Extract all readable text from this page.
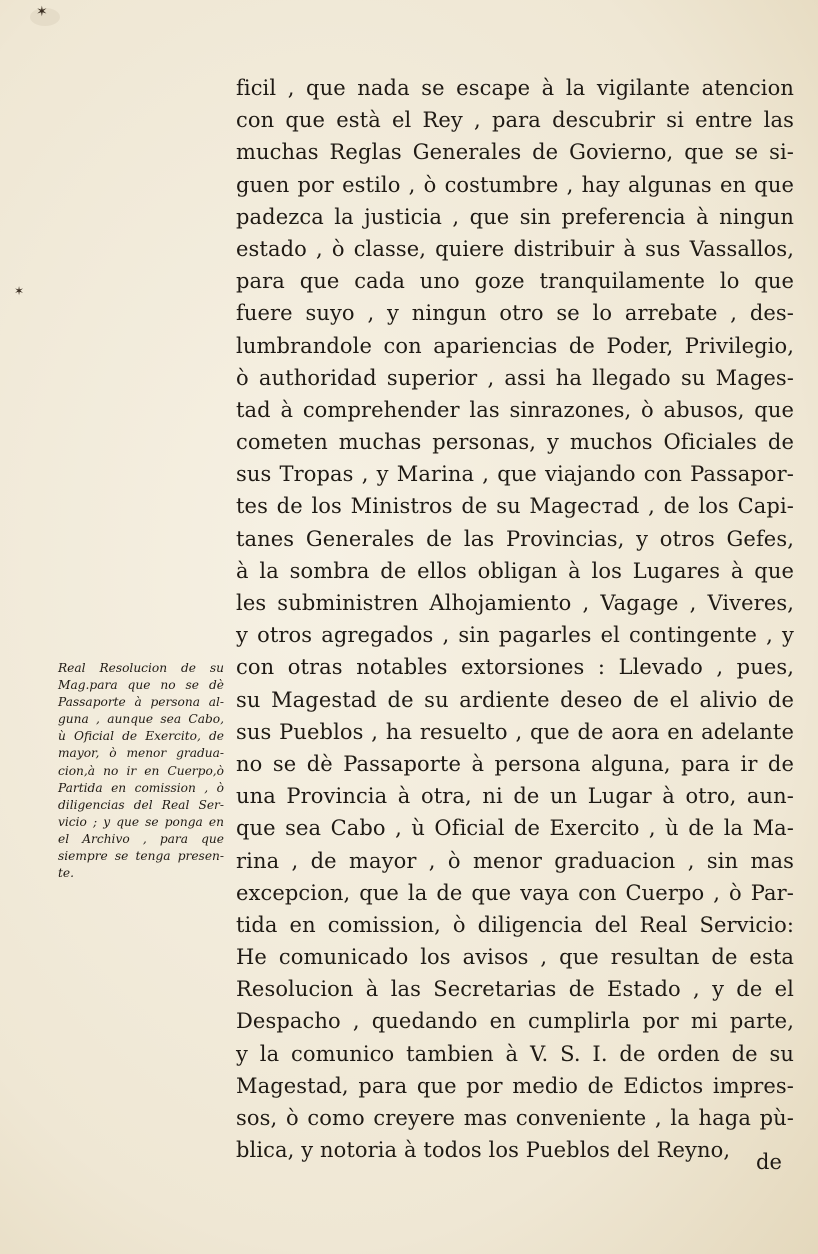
✶
✶
ficil , que nada se escape à la vigilante atencion
con que està el Rey , para descubrir si entre las
muchas Reglas Generales de Govierno, que se si-
guen por estilo , ò costumbre , hay algunas en que
padezca la justicia , que sin preferencia à ningun
estado , ò classe, quiere distribuir à sus Vassallos,
para que cada uno goze tranquilamente lo que
fuere suyo , y ningun otro se lo arrebate , des-
lumbrandole con apariencias de Poder, Privilegio,
ò authoridad superior , assi ha llegado su Mages-
tad à comprehender las sinrazones, ò abusos, que
cometen muchas personas, y muchos Oficiales de
sus Tropas , y Marina , que viajando con Passapor-
tes de los Ministros de su Mageстad , de los Capi-
tanes Generales de las Provincias, y otros Gefes,
à la sombra de ellos obligan à los Lugares à que
les subministren Alhojamiento , Vagage , Viveres,
y otros agregados , sin pagarles el contingente , y
con otras notables extorsiones : Llevado , pues,
su Magestad de su ardiente deseo de el alivio de
sus Pueblos , ha resuelto , que de aora en adelante
no se dè Passaporte à persona alguna, para ir de
una Provincia à otra, ni de un Lugar à otro, aun-
que sea Cabo , ù Oficial de Exercito , ù de la Ma-
rina , de mayor , ò menor graduacion , sin mas
excepcion, que la de que vaya con Cuerpo , ò Par-
tida en comission, ò diligencia del Real Servicio:
He comunicado los avisos , que resultan de esta
Resolucion à las Secretarias de Estado , y de el
Despacho , quedando en cumplirla por mi parte,
y la comunico tambien à V. S. I. de orden de su
Magestad, para que por medio de Edictos impres-
sos, ò como creyere mas conveniente , la haga pù-
blica, y notoria à todos los Pueblos del Reyno,	de
Real Resolucion de su
Mag.para que no se dè
Passaporte à persona al-
guna , aunque sea Cabo,
ù Oficial de Exercito, de
mayor, ò menor gradua-
cion,à no ir en Cuerpo,ò
Partida en comission , ò
diligencias del Real Ser-
vicio ; y que se ponga en
el Archivo , para que
siempre se tenga presen-
te.
